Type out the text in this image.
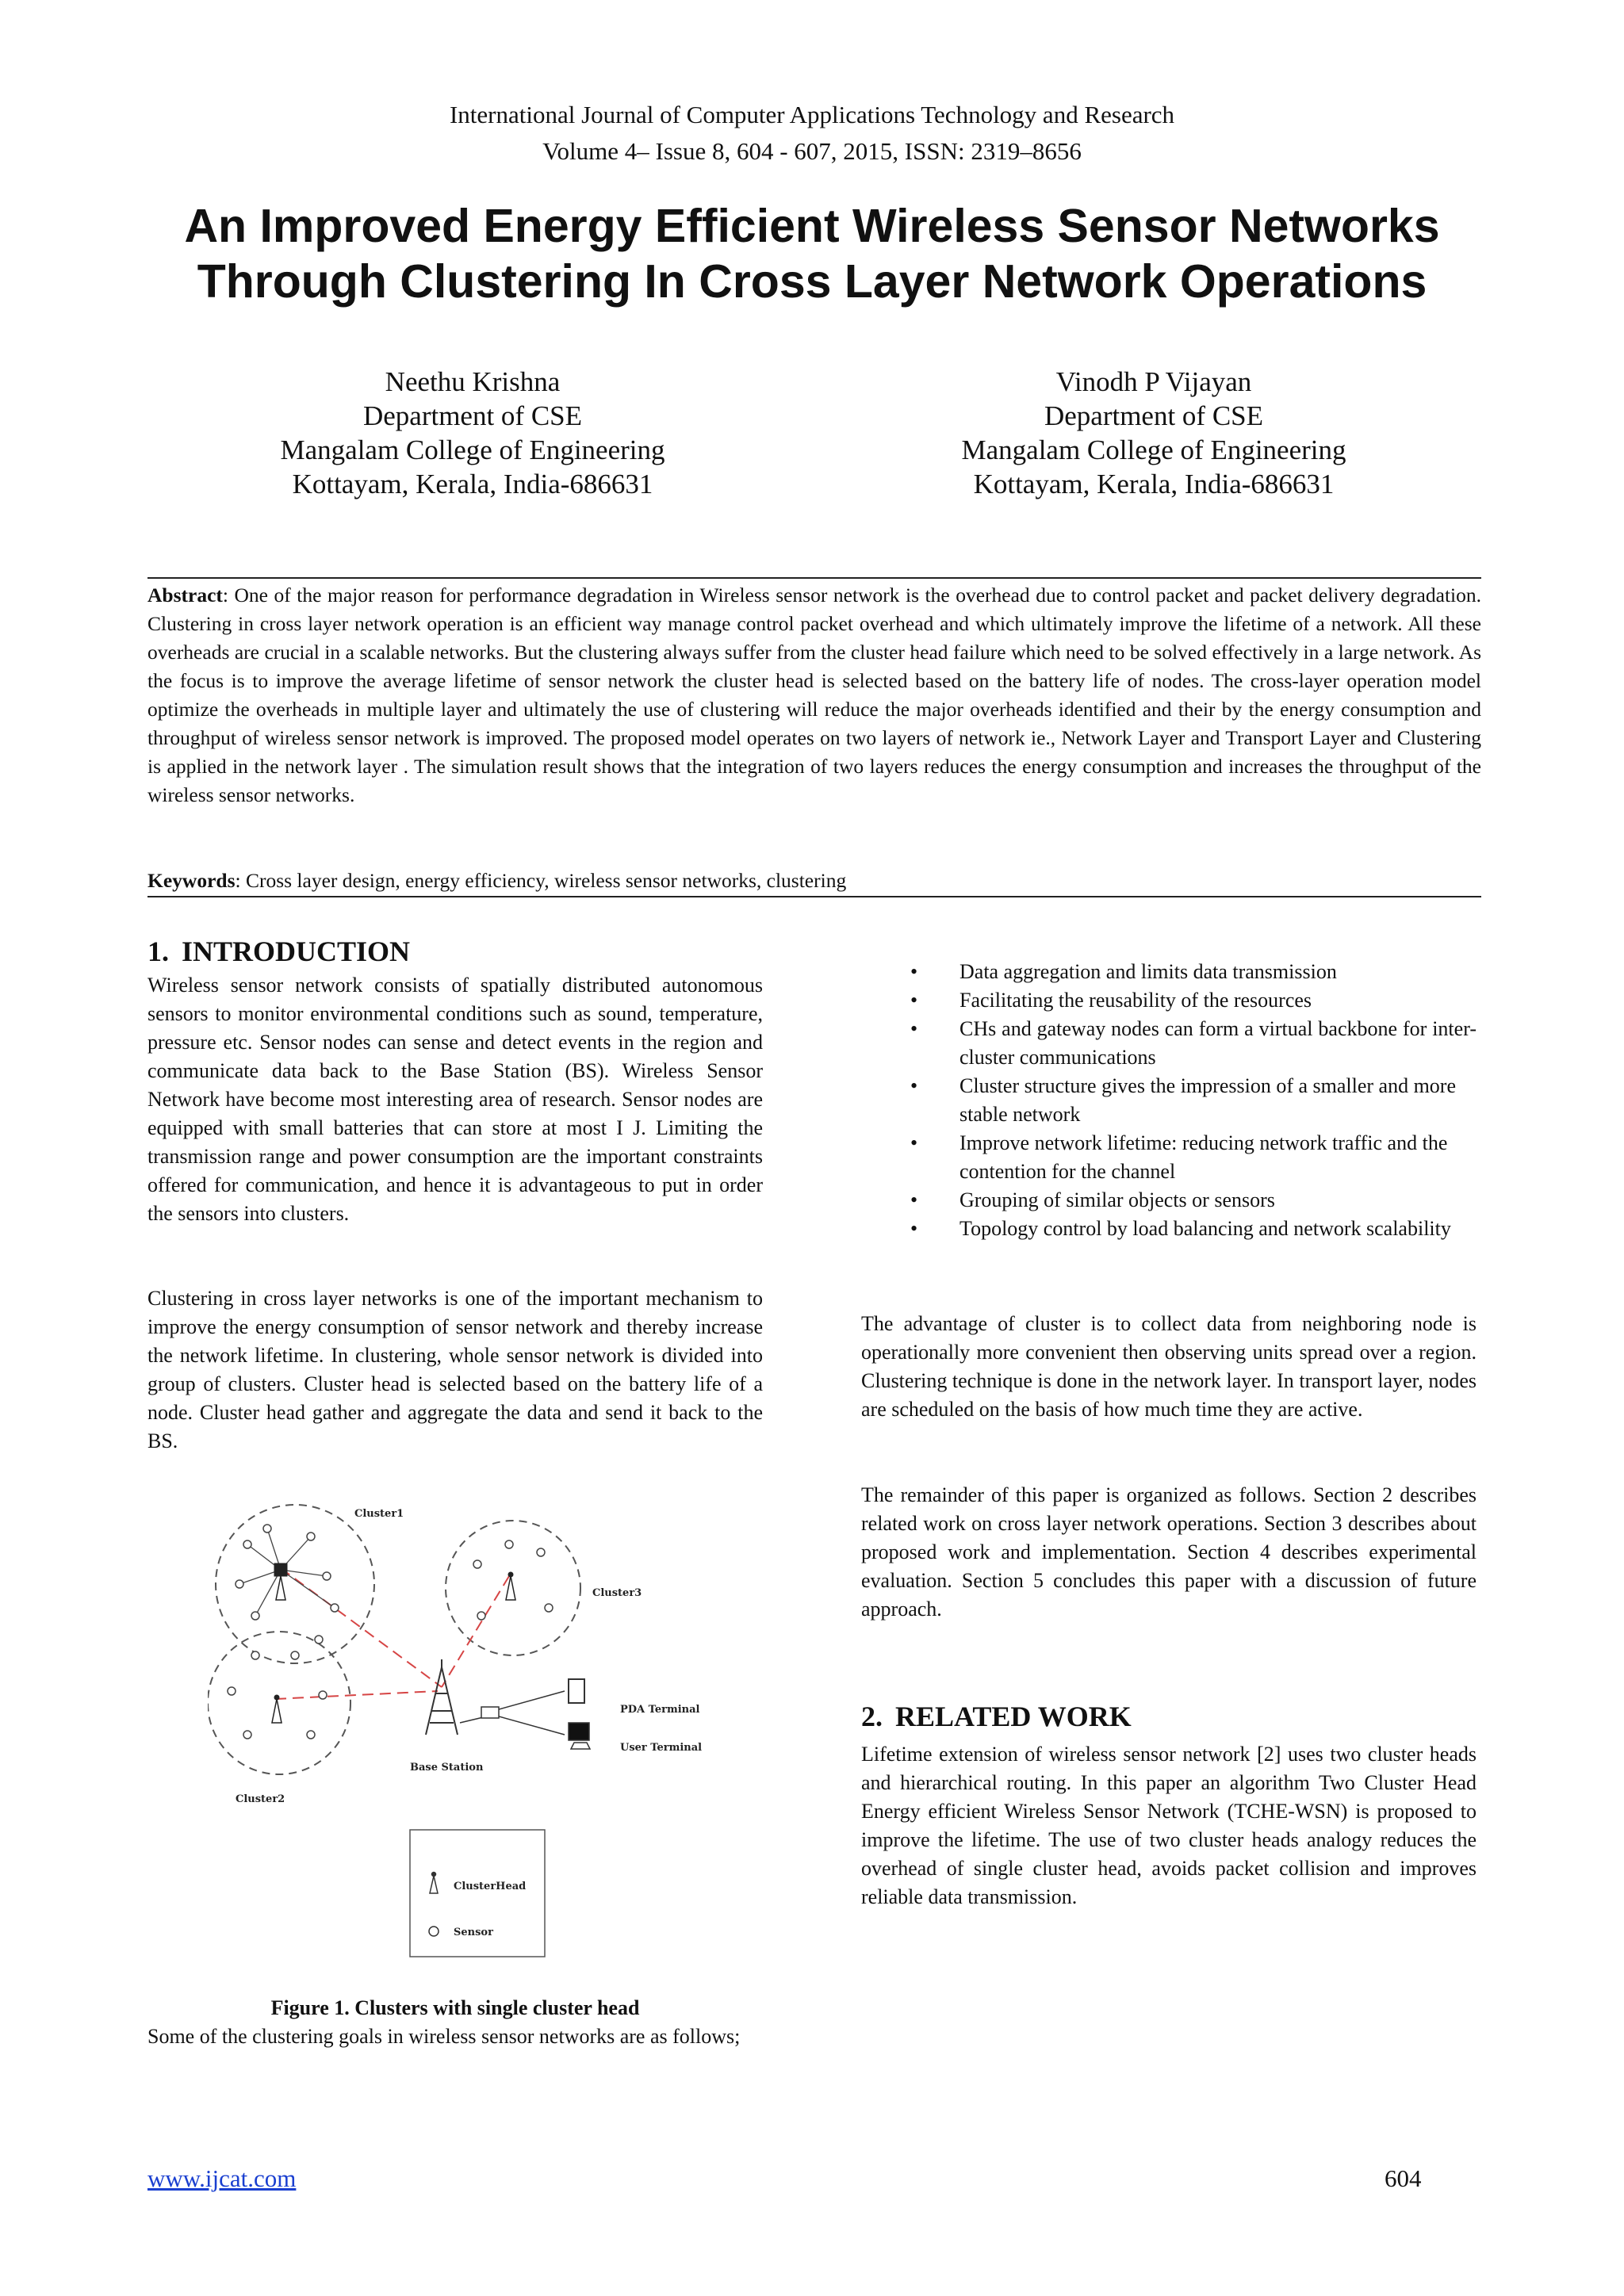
International Journal of Computer Applications Technology and Research
Volume 4– Issue 8, 604 - 607, 2015, ISSN: 2319–8656
An Improved Energy Efficient Wireless Sensor Networks
Through Clustering In Cross Layer Network Operations
Neethu Krishna
Department of CSE
Mangalam College of Engineering
Kottayam, Kerala, India-686631
Vinodh P Vijayan
Department of CSE
Mangalam College of Engineering
Kottayam, Kerala, India-686631
Abstract: One of the major reason for performance degradation in Wireless sensor network is the overhead due to control packet and packet delivery degradation. Clustering in cross layer network operation is an efficient way manage control packet overhead and which ultimately improve the lifetime of a network. All these overheads are crucial in a scalable networks. But the clustering always suffer from the cluster head failure which need to be solved effectively in a large network. As the focus is to improve the average lifetime of sensor network the cluster head is selected based on the battery life of nodes. The cross-layer operation model optimize the overheads in multiple layer and ultimately the use of clustering will reduce the major overheads identified and their by the energy consumption and throughput of wireless sensor network is improved. The proposed model operates on two layers of network ie., Network Layer and Transport Layer and Clustering is applied in the network layer . The simulation result shows that the integration of two layers reduces the energy consumption and increases the throughput of the wireless sensor networks.
Keywords: Cross layer design, energy efficiency, wireless sensor networks, clustering
1. INTRODUCTION

Wireless sensor network consists of spatially distributed autonomous sensors to monitor environmental conditions such as sound, temperature, pressure etc. Sensor nodes can sense and detect events in the region and communicate data back to the Base Station (BS). Wireless Sensor Network have become most interesting area of research. Sensor nodes are equipped with small batteries that can store at most I J. Limiting the transmission range and power consumption are the important constraints offered for communication, and hence it is advantageous to put in order the sensors into clusters.

Clustering in cross layer networks is one of the important mechanism to improve the energy consumption of sensor network and thereby increase the network lifetime. In clustering, whole sensor network is divided into group of clusters. Cluster head is selected based on the battery life of a node. Cluster head gather and aggregate the data and send it back to the BS.

Cluster1
Cluster3
Cluster2
Base Station
PDA Terminal
User Terminal
ClusterHead
Sensor
Figure 1. Clusters with single cluster head

Some of the clustering goals in wireless sensor networks are as follows;

• Data aggregation and limits data transmission
• Facilitating the reusability of the resources
• CHs and gateway nodes can form a virtual backbone for inter-cluster communications
• Cluster structure gives the impression of a smaller and more stable network
• Improve network lifetime: reducing network traffic and the contention for the channel
• Grouping of similar objects or sensors
• Topology control by load balancing and network scalability

The advantage of cluster is to collect data from neighboring node is operationally more convenient then observing units spread over a region. Clustering technique is done in the network layer. In transport layer, nodes are scheduled on the basis of how much time they are active.

The remainder of this paper is organized as follows. Section 2 describes related work on cross layer network operations. Section 3 describes about proposed work and implementation. Section 4 describes experimental evaluation. Section 5 concludes this paper with a discussion of future approach.

2. RELATED WORK

Lifetime extension of wireless sensor network [2] uses two cluster heads and hierarchical routing. In this paper an algorithm Two Cluster Head Energy efficient Wireless Sensor Network (TCHE-WSN) is proposed to improve the lifetime. The use of two cluster heads analogy reduces the overhead of single cluster head, avoids packet collision and improves reliable data transmission.

www.ijcat.com	604
